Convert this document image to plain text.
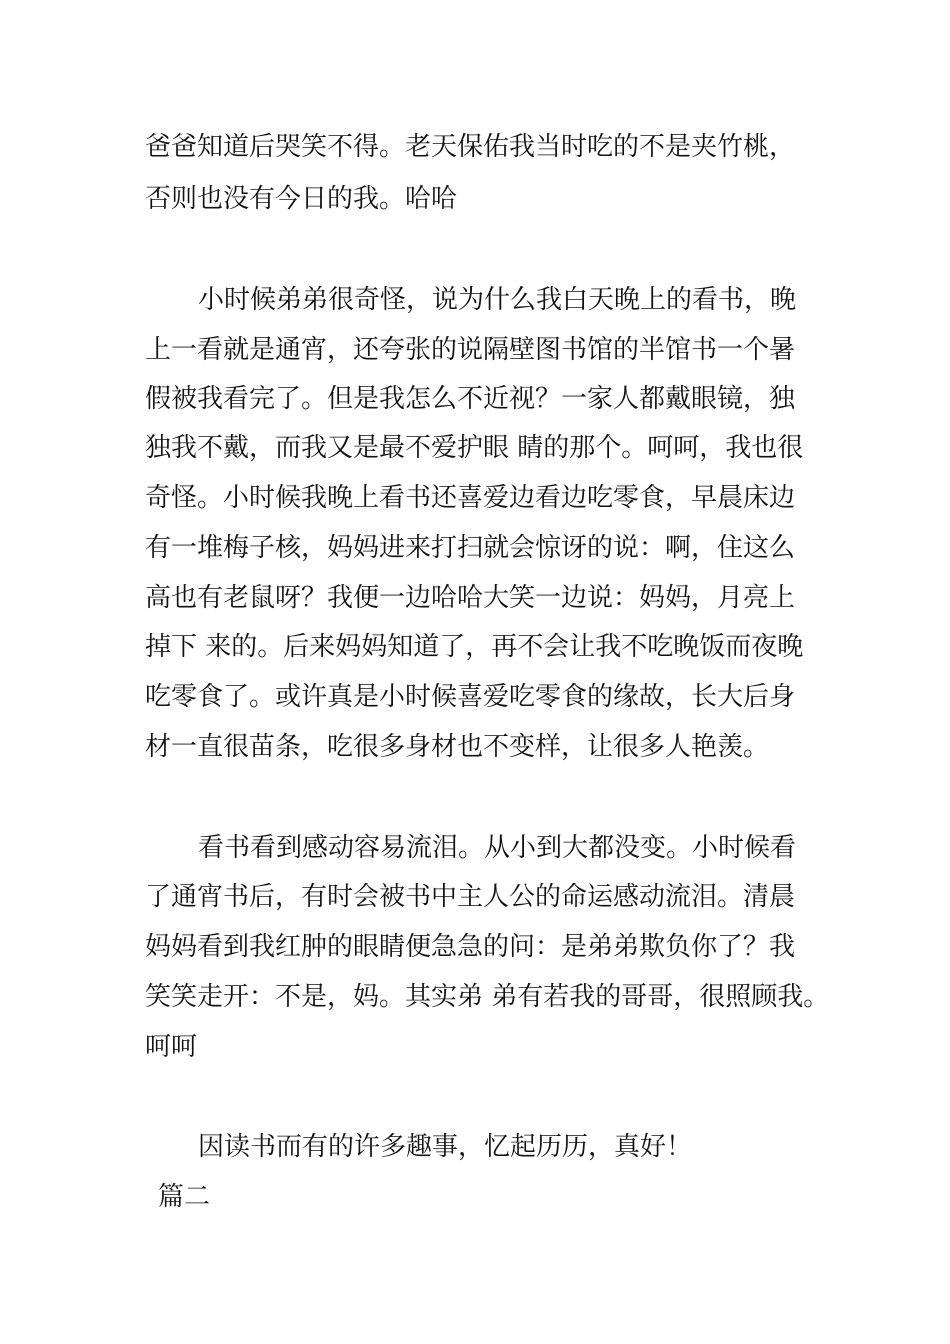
爸爸知道后哭笑不得。老天保佑我当时吃的不是夹竹桃，
否则也没有今日的我。哈哈
小时候弟弟很奇怪，说为什么我白天晚上的看书，晚
上一看就是通宵，还夸张的说隔壁图书馆的半馆书一个暑
假被我看完了。但是我怎么不近视？一家人都戴眼镜，独
独我不戴，而我又是最不爱护眼 睛的那个。呵呵，我也很
奇怪。小时候我晚上看书还喜爱边看边吃零食，早晨床边
有一堆梅子核，妈妈进来打扫就会惊讶的说：啊，住这么
高也有老鼠呀？我便一边哈哈大笑一边说：妈妈，月亮上
掉下 来的。后来妈妈知道了，再不会让我不吃晚饭而夜晚
吃零食了。或许真是小时候喜爱吃零食的缘故，长大后身
材一直很苗条，吃很多身材也不变样，让很多人艳羡。
看书看到感动容易流泪。从小到大都没变。小时候看
了通宵书后，有时会被书中主人公的命运感动流泪。清晨
妈妈看到我红肿的眼睛便急急的问：是弟弟欺负你了？我
笑笑走开：不是，妈。其实弟 弟有若我的哥哥，很照顾我。
呵呵
因读书而有的许多趣事，忆起历历，真好！
篇二
